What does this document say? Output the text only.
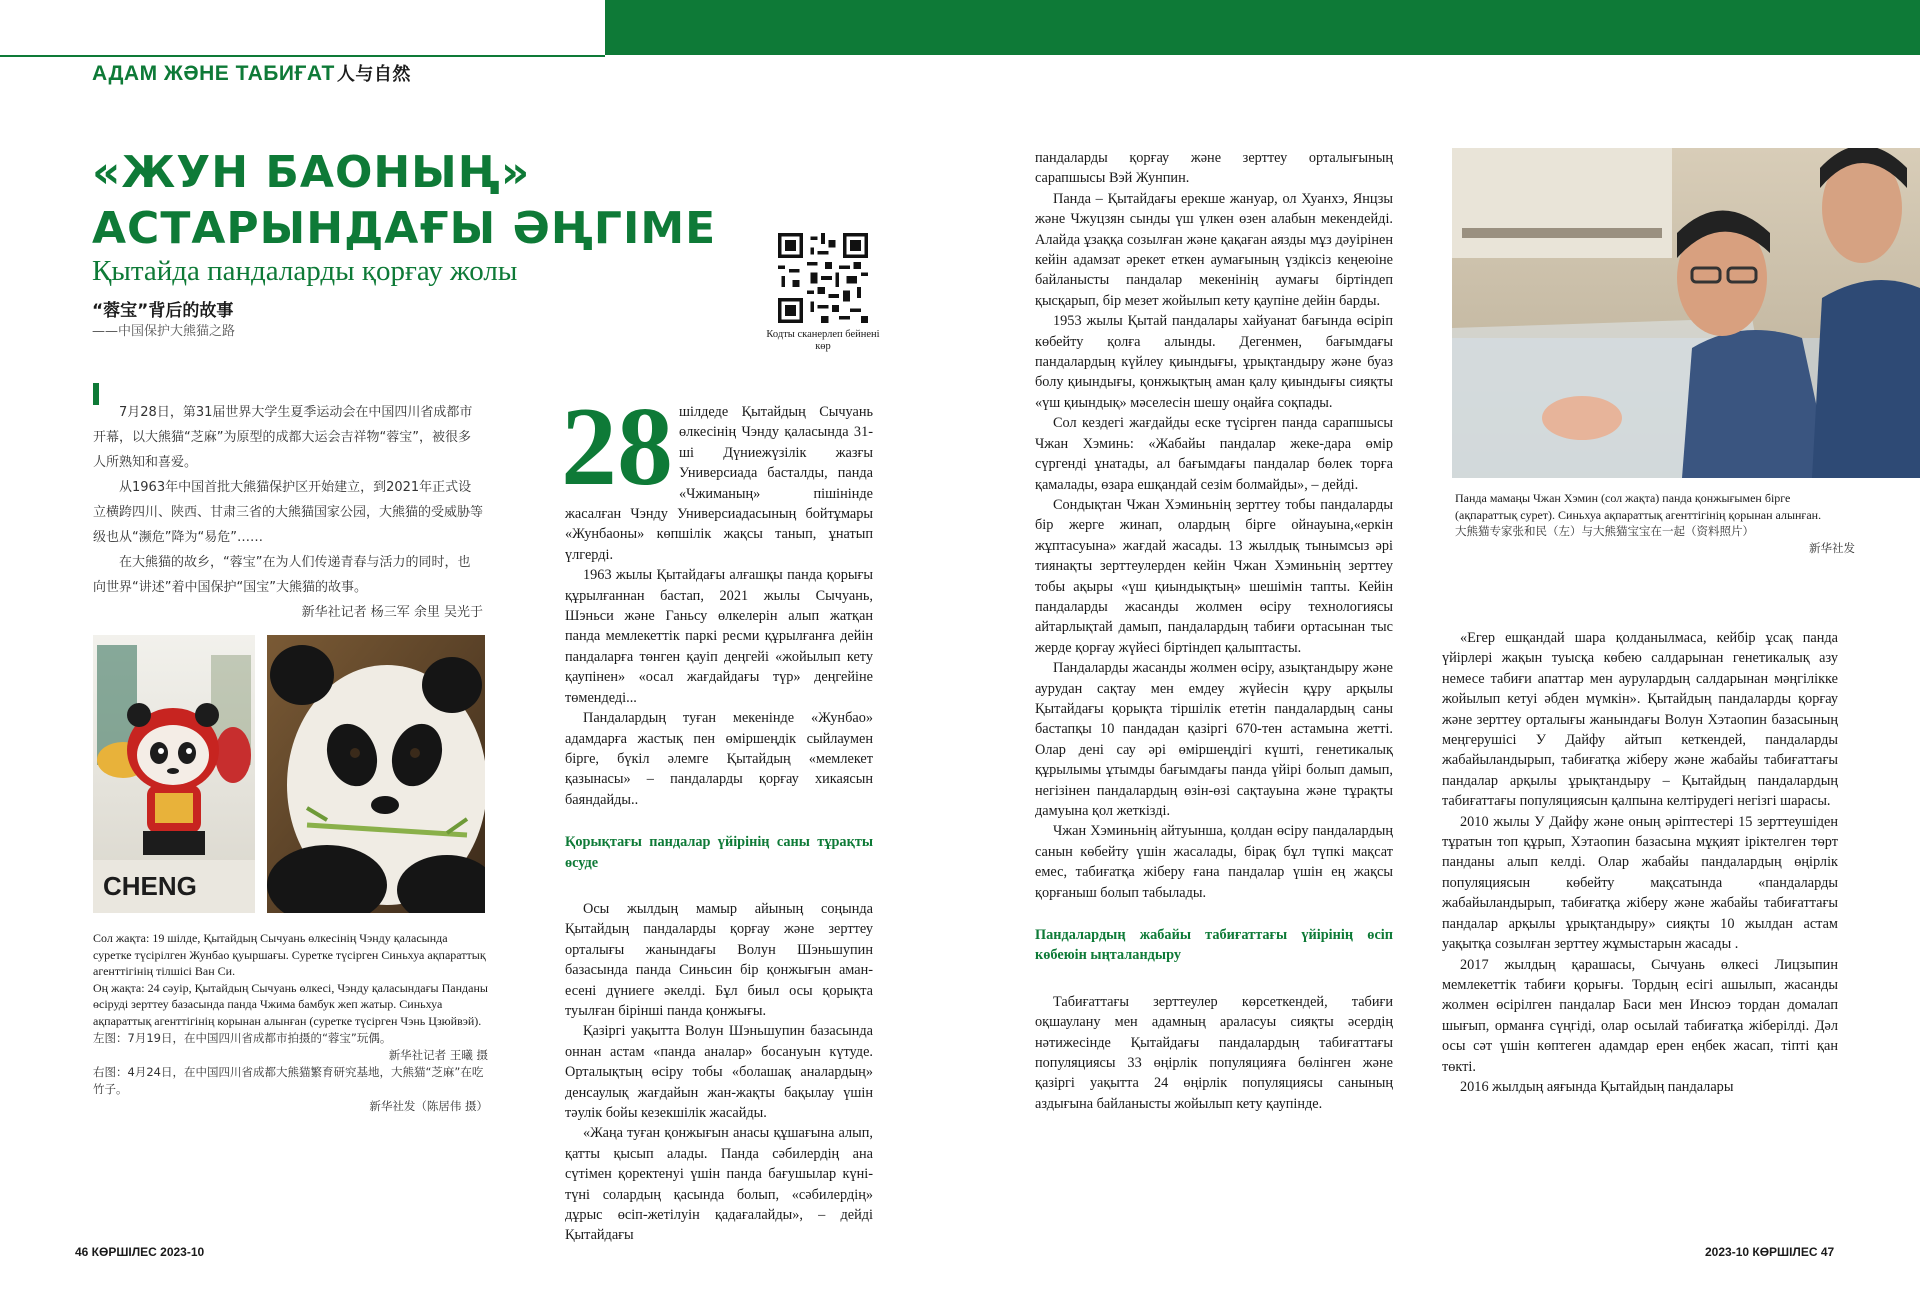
АДАМ ЖӘНЕ ТАБИҒАТ 人与自然
«ЖУН БАОНЫҢ» АСТАРЫНДАҒЫ ӘҢГІМЕ
Қытайда пандаларды қорғау жолы
“蓉宝”背后的故事
——中国保护大熊猫之路	Кодты сканерлеп бейнені көр

7月28日，第31届世界大学生夏季运动会在中国四川省成都市开幕，以大熊猫“芝麻”为原型的成都大运会吉祥物“蓉宝”，被很多人所熟知和喜爱。

从1963年中国首批大熊猫保护区开始建立，到2021年正式设立横跨四川、陕西、甘肃三省的大熊猫国家公园，大熊猫的受威胁等级也从“濒危”降为“易危”……

在大熊猫的故乡，“蓉宝”在为人们传递青春与活力的同时，也向世界“讲述”着中国保护“国宝”大熊猫的故事。

新华社记者 杨三军 余里 吴光于

CHENG

Сол жақта: 19 шілде, Қытайдың Сычуань өлкесінің Чэнду қаласында суретке түсірілген Жунбао қуыршағы. Суретке түсірген Синьхуа ақпараттық агенттігінің тілшісі Ван Си.

Оң жақта: 24 сәуір, Қытайдың Сычуань өлкесі, Чэнду қаласындағы Панданы өсіруді зерттеу базасында панда Чжима бамбук жеп жатыр. Синьхуа ақпараттық агенттігінің корынан алынған (суретке түсірген Чэнь Цзюйвэй).

左图：7月19日，在中国四川省成都市拍摄的“蓉宝”玩偶。

新华社记者 王曦 摄

右图：4月24日，在中国四川省成都大熊猫繁育研究基地，大熊猫“芝麻”在吃竹子。

新华社发（陈居伟 摄）

28 шілдеде Қытайдың Сычуань өлкесінің Чэнду қаласында 31-ші Дүниежүзілік жазғы Универсиада басталды, панда «Чжиманың» пішінінде жасалған Чэнду Универсиадасының бойтұмары «Жунбаоны» көпшілік жақсы танып, ұнатып үлгерді.

1963 жылы Қытайдағы алғашқы панда қорығы құрылғаннан бастап, 2021 жылы Сычуань, Шэньси және Ганьсу өлкелерін алып жатқан панда мемлекеттік паркі ресми құрылғанға дейін пандаларға төнген қауіп деңгейі «жойылып кету қаупінен» «осал жағдайдағы түр» деңгейіне төмендеді...

Пандалардың туған мекенінде «Жунбао» адамдарға жастық пен өміршеңдік сыйлаумен бірге, бүкіл әлемге Қытайдың «мемлекет қазынасы» – пандаларды қорғау хикаясын баяндайды..

Қорықтағы пандалар үйірінің саны тұрақты өсуде

Осы жылдың мамыр айының соңында Қытайдың пандаларды қорғау және зерттеу орталығы жанындағы Волун Шэньшупин базасында панда Синьсин бір қонжығын аман-есені дүниеге әкелді. Бұл биыл осы қорықта туылған бірінші панда қонжығы.

Қазіргі уақытта Волун Шэньшупин базасында оннан астам «панда аналар» босануын күтуде. Орталықтың өсіру тобы «болашақ аналардың» денсаулық жағдайын жан-жақты бақылау үшін тәулік бойы кезекшілік жасайды.

«Жаңа туған қонжығын анасы құшағына алып, қатты қысып алады. Панда сәбилердің ана сүтімен қоректенуі үшін панда бағушылар күні-түні солардың қасында болып, «сәбилердің» дұрыс өсіп-жетілуін қадағалайды», – дейді Қытайдағы

пандаларды қорғау және зерттеу орталығының сарапшысы Вэй Жунпин.

Панда – Қытайдағы ерекше жануар, ол Хуанхэ, Янцзы және Чжуцзян сынды үш үлкен өзен алабын мекендейді. Алайда ұзаққа созылған және қақаған аязды мұз дәуірінен кейін адамзат әрекет еткен аумағының үздіксіз кеңеюіне байланысты пандалар мекенінің аумағы біртіндеп қысқарып, бір мезет жойылып кету қаупіне дейін барды.

1953 жылы Қытай пандалары хайуанат бағында өсіріп көбейту қолға алынды. Дегенмен, бағымдағы пандалардың күйлеу қиындығы, ұрықтандыру және буаз болу қиындығы, қонжықтың аман қалу қиындығы сияқты «үш қиындық» мәселесін шешу оңайға соқпады.

Сол кездегі жағдайды еске түсірген панда сарапшысы Чжан Хэминь: «Жабайы пандалар жеке-дара өмір сүргенді ұнатады, ал бағымдағы пандалар бөлек торға қамалады, өзара ешқандай сезім болмайды», – дейді.

Сондықтан Чжан Хэминьнің зерттеу тобы пандаларды бір жерге жинап, олардың бірге ойнауына,«еркін жұптасуына» жағдай жасады. 13 жылдық тынымсыз әрі тиянақты зерттеулерден кейін Чжан Хэминьнің зерттеу тобы ақыры «үш қиындықтың» шешімін тапты. Кейін пандаларды жасанды жолмен өсіру технологиясы айтарлықтай дамып, пандалардың табиғи ортасынан тыс жерде қорғау жүйесі біртіндеп қалыптасты.

Пандаларды жасанды жолмен өсіру, азықтандыру және аурудан сақтау мен емдеу жүйесін құру арқылы Қытайдағы қорықта тіршілік ететін пандалардың саны бастапқы 10 пандадан қазіргі 670-тен астамына жетті. Олар дені сау әрі өміршеңдігі күшті, генетикалық құрылымы ұтымды бағымдағы панда үйірі болып дамып, негізінен пандалардың өзін-өзі сақтауына және тұрақты дамуына қол жеткізді.

Чжан Хэминьнің айтуынша, қолдан өсіру пандалардың санын көбейту үшін жасалады, бірақ бұл түпкі мақсат емес, табиғатқа жіберу ғана пандалар үшін ең жақсы қорғаныш болып табылады.

Пандалардың жабайы табиғаттағы үйірінің өсіп көбеюін ыңталандыру

Табиғаттағы зерттеулер көрсеткендей, табиғи оқшаулану мен адамның араласуы сияқты әсердің нәтижесінде Қытайдағы пандалардың табиғаттағы популяциясы 33 өңірлік популяцияға бөлінген және қазіргі уақытта 24 өңірлік популяциясы санының аздығына байланысты жойылып кету қаупінде.

Панда мамаңы Чжан Хэмин (сол жақта) панда қонжығымен бірге (ақпараттық сурет). Синьхуа ақпараттық агенттігінің қорынан алынған.

大熊猫专家张和民（左）与大熊猫宝宝在一起（资料照片）

新华社发

«Егер ешқандай шара қолданылмаса, кейбір ұсақ панда үйірлері жақын туысқа көбею салдарынан генетикалық азу немесе табиғи апаттар мен аурулардың салдарынан мәңгілікке жойылып кетуі әбден мүмкін». Қытайдың пандаларды қорғау және зерттеу орталығы жанындағы Волун Хэтаопин базасының меңгерушісі У Дайфу айтып кеткендей, пандаларды жабайыландырып, табиғатқа жіберу және жабайы табиғаттағы пандалар арқылы ұрықтандыру – Қытайдың пандалардың табиғаттағы популяциясын қалпына келтірудегі негізгі шарасы.

2010 жылы У Дайфу және оның әріптестері 15 зерттеушіден тұратын топ құрып, Хэтаопин базасына мұқият іріктелген төрт панданы алып келді. Олар жабайы пандалардың өңірлік популяциясын көбейту мақсатында «пандаларды жабайыландырып, табиғатқа жіберу және жабайы табиғаттағы пандалар арқылы ұрықтандыру» сияқты 10 жылдан астам уақытқа созылған зерттеу жұмыстарын жасады .

2017 жылдың қарашасы, Сычуань өлкесі Лицзыпин мемлекеттік табиғи қорығы. Тордың есігі ашылып, жасанды жолмен өсірілген пандалар Баси мен Инсюэ тордан домалап шығып, орманға сүңгіді, олар осылай табиғатқа жіберілді. Дәл осы сәт үшін көптеген адамдар ерен еңбек жасап, тіпті қан төкті.

2016 жылдың аяғында Қытайдың пандалары

46 КӨРШІЛЕС 2023-10	2023-10 КӨРШІЛЕС 47
